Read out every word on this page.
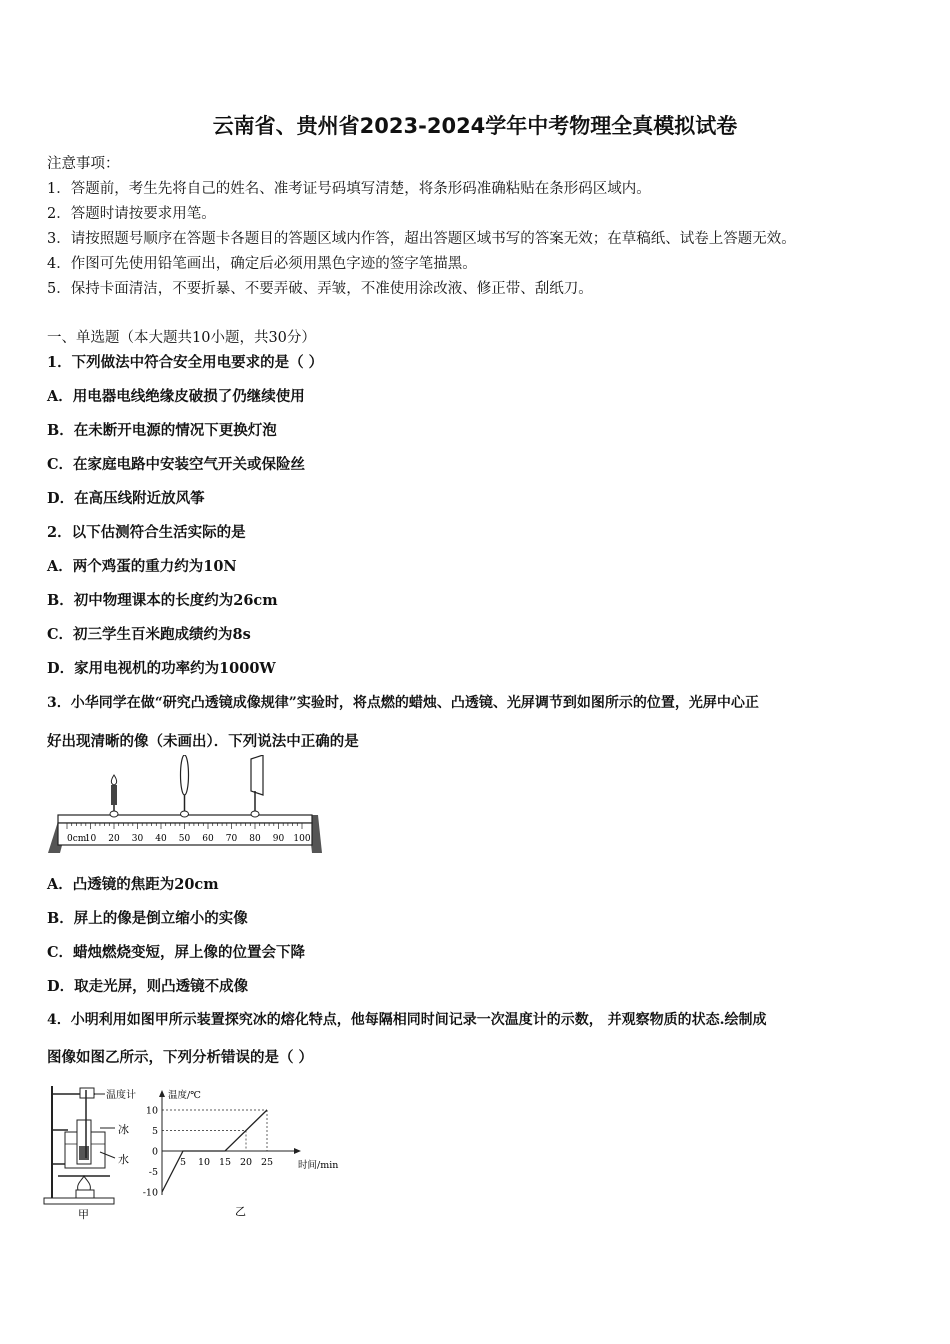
云南省、贵州省2023-2024学年中考物理全真模拟试卷
注意事项：
1．答题前，考生先将自己的姓名、准考证号码填写清楚，将条形码准确粘贴在条形码区域内。
2．答题时请按要求用笔。
3．请按照题号顺序在答题卡各题目的答题区域内作答，超出答题区域书写的答案无效；在草稿纸、试卷上答题无效。
4．作图可先使用铅笔画出，确定后必须用黑色字迹的签字笔描黑。
5．保持卡面清洁，不要折暴、不要弄破、弄皱，不准使用涂改液、修正带、刮纸刀。
一、单选题（本大题共10小题，共30分）
1．下列做法中符合安全用电要求的是（ ）
A．用电器电线绝缘皮破损了仍继续使用
B．在未断开电源的情况下更换灯泡
C．在家庭电路中安装空气开关或保险丝
D．在高压线附近放风筝
2．以下估测符合生活实际的是
A．两个鸡蛋的重力约为10N
B．初中物理课本的长度约为26cm
C．初三学生百米跑成绩约为8s
D．家用电视机的功率约为1000W
3．小华同学在做“研究凸透镜成像规律”实验时，将点燃的蜡烛、凸透镜、光屏调节到如图所示的位置，光屏中心正
好出现清晰的像（未画出）．下列说法中正确的是
0cm
10 20 30 40 50 60 70 80 90 100
A．凸透镜的焦距为20cm
B．屏上的像是倒立缩小的实像
C．蜡烛燃烧变短，屏上像的位置会下降
D．取走光屏，则凸透镜不成像
4．小明利用如图甲所示装置探究冰的熔化特点，他每隔相同时间记录一次温度计的示数， 并观察物质的状态.绘制成
图像如图乙所示，下列分析错误的是（ ）
温度计
冰
水
甲
温度/℃
时间/min
5 10 15 20 25
10
5
0
-5
-10
乙
